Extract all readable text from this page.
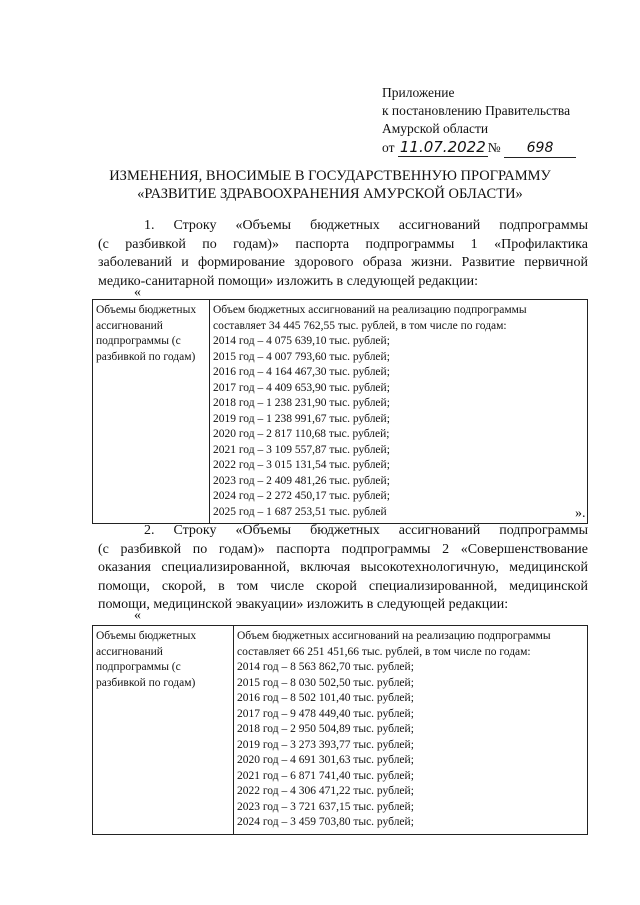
Приложение
к постановлению Правительства
Амурской области
от 11.07.2022 № 698
ИЗМЕНЕНИЯ, ВНОСИМЫЕ В ГОСУДАРСТВЕННУЮ ПРОГРАММУ
«РАЗВИТИЕ ЗДРАВООХРАНЕНИЯ АМУРСКОЙ ОБЛАСТИ»
1. Строку «Объемы бюджетных ассигнований подпрограммы
(с разбивкой по годам)» паспорта подпрограммы 1 «Профилактика
заболеваний и формирование здорового образа жизни. Развитие первичной
медико-санитарной помощи» изложить в следующей редакции:
«
Объемы бюджетных ассигнований подпрограммы (с разбивкой по годам)	
Объем бюджетных ассигнований на реализацию подпрограммы
составляет 34 445 762,55 тыс. рублей, в том числе по годам:
2014 год – 4 075 639,10 тыс. рублей;
2015 год – 4 007 793,60 тыс. рублей;
2016 год – 4 164 467,30 тыс. рублей;
2017 год – 4 409 653,90 тыс. рублей;
2018 год – 1 238 231,90 тыс. рублей;
2019 год – 1 238 991,67 тыс. рублей;
2020 год – 2 817 110,68 тыс. рублей;
2021 год – 3 109 557,87 тыс. рублей;
2022 год – 3 015 131,54 тыс. рублей;
2023 год – 2 409 481,26 тыс. рублей;
2024 год – 2 272 450,17 тыс. рублей;
2025 год – 1 687 253,51 тыс. рублей	».
2. Строку «Объемы бюджетных ассигнований подпрограммы
(с разбивкой по годам)» паспорта подпрограммы 2 «Совершенствование
оказания специализированной, включая высокотехнологичную, медицинской
помощи, скорой, в том числе скорой специализированной, медицинской
помощи, медицинской эвакуации» изложить в следующей редакции:
«
Объемы бюджетных ассигнований подпрограммы (с разбивкой по годам)	
Объем бюджетных ассигнований на реализацию подпрограммы
составляет 66 251 451,66 тыс. рублей, в том числе по годам:
2014 год – 8 563 862,70 тыс. рублей;
2015 год – 8 030 502,50 тыс. рублей;
2016 год – 8 502 101,40 тыс. рублей;
2017 год – 9 478 449,40 тыс. рублей;
2018 год – 2 950 504,89 тыс. рублей;
2019 год – 3 273 393,77 тыс. рублей;
2020 год – 4 691 301,63 тыс. рублей;
2021 год – 6 871 741,40 тыс. рублей;
2022 год – 4 306 471,22 тыс. рублей;
2023 год – 3 721 637,15 тыс. рублей;
2024 год – 3 459 703,80 тыс. рублей;
